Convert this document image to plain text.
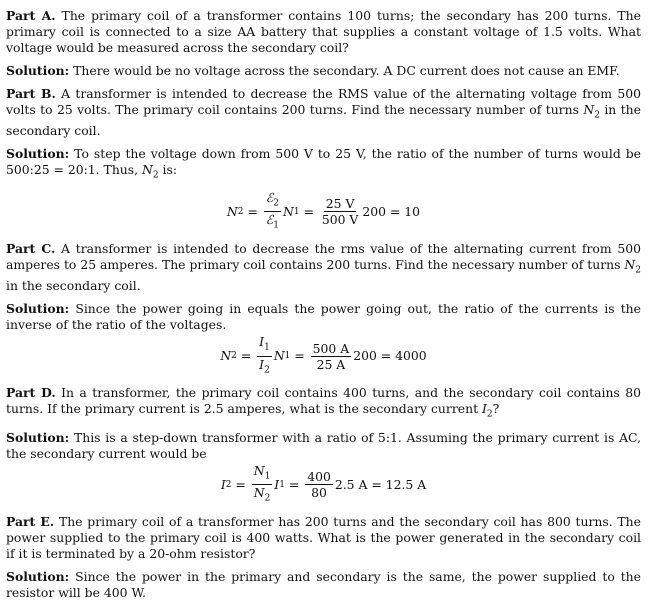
Part A. The primary coil of a transformer contains 100 turns; the secondary has 200 turns. The primary coil is connected to a size AA battery that supplies a constant voltage of 1.5 volts. What voltage would be measured across the secondary coil?

Solution: There would be no voltage across the secondary. A DC current does not cause an EMF.

Part B. A transformer is intended to decrease the RMS value of the alternating voltage from 500 volts to 25 volts. The primary coil contains 200 turns. Find the necessary number of turns $N_2$ in the secondary coil.

Solution: To step the voltage down from 500 V to 25 V, the ratio of the number of turns would be 500:25 = 20:1. Thus, $N_2$ is:

N $2 = \frac{ℰ_2}{ℰ_1}$ N $1 = \frac{25 V}{500 V} 200 = 10$

Part C. A transformer is intended to decrease the rms value of the alternating current from 500 amperes to 25 amperes. The primary coil contains 200 turns. Find the necessary number of turns $N_2$ in the secondary coil.

Solution: Since the power going in equals the power going out, the ratio of the currents is the inverse of the ratio of the voltages.

N $2 = \frac{I_1}{I_2}$ N $1 = \frac{500 A}{25 A} 200 = 4000$

Part D. In a transformer, the primary coil contains 400 turns, and the secondary coil contains 80 turns. If the primary current is 2.5 amperes, what is the secondary current $I_2$?

Solution: This is a step-down transformer with a ratio of 5:1. Assuming the primary current is AC, the secondary current would be

I $2 = \frac{N_1}{N_2}$ I $1 = \frac{400}{80} 2.5$ A = 12.5 A

Part E. The primary coil of a transformer has 200 turns and the secondary coil has 800 turns. The power supplied to the primary coil is 400 watts. What is the power generated in the secondary coil if it is terminated by a 20-ohm resistor?

Solution: Since the power in the primary and secondary is the same, the power supplied to the resistor will be 400 W.
